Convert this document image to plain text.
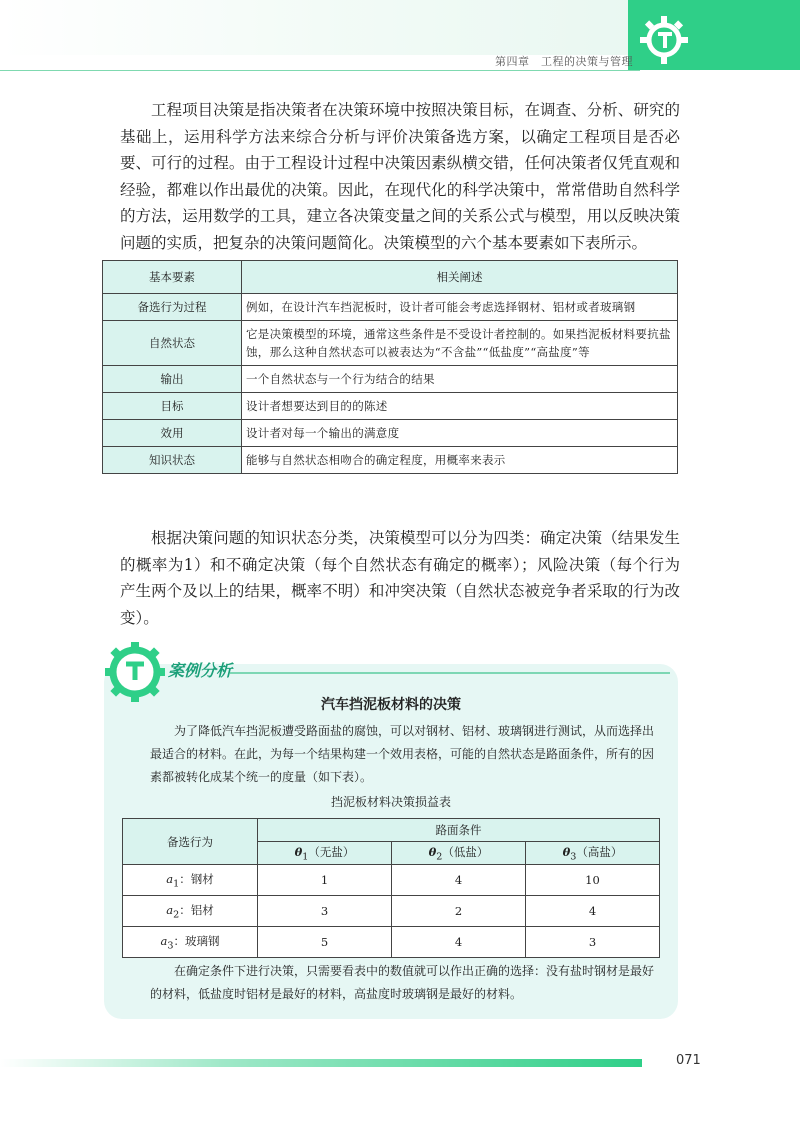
第四章　工程的决策与管理

工程项目决策是指决策者在决策环境中按照决策目标，在调查、分析、研究的基础上，运用科学方法来综合分析与评价决策备选方案，以确定工程项目是否必要、可行的过程。由于工程设计过程中决策因素纵横交错，任何决策者仅凭直观和经验，都难以作出最优的决策。因此，在现代化的科学决策中，常常借助自然科学的方法，运用数学的工具，建立各决策变量之间的关系公式与模型，用以反映决策问题的实质，把复杂的决策问题简化。决策模型的六个基本要素如下表所示。

基本要素	相关阐述
备选行为过程	例如，在设计汽车挡泥板时，设计者可能会考虑选择钢材、铝材或者玻璃钢
自然状态	它是决策模型的环境，通常这些条件是不受设计者控制的。如果挡泥板材料要抗盐蚀，那么这种自然状态可以被表达为“不含盐”“低盐度”“高盐度”等
输出	一个自然状态与一个行为结合的结果
目标	设计者想要达到目的的陈述
效用	设计者对每一个输出的满意度
知识状态	能够与自然状态相吻合的确定程度，用概率来表示

根据决策问题的知识状态分类，决策模型可以分为四类：确定决策（结果发生的概率为1）和不确定决策（每个自然状态有确定的概率）；风险决策（每个行为产生两个及以上的结果，概率不明）和冲突决策（自然状态被竞争者采取的行为改变）。

案例分析
汽车挡泥板材料的决策

为了降低汽车挡泥板遭受路面盐的腐蚀，可以对钢材、铝材、玻璃钢进行测试，从而选择出最适合的材料。在此，为每一个结果构建一个效用表格，可能的自然状态是路面条件，所有的因素都被转化成某个统一的度量（如下表）。

挡泥板材料决策损益表
备选行为	路面条件		
	$\theta_1$（无盐）	$\theta_2$（低盐）	$\theta_3$（高盐）
$a_1$：钢材	1	4	10
$a_2$：铝材	3	2	4
$a_3$：玻璃钢	5	4	3

在确定条件下进行决策，只需要看表中的数值就可以作出正确的选择：没有盐时钢材是最好的材料，低盐度时铝材是最好的材料，高盐度时玻璃钢是最好的材料。

071
